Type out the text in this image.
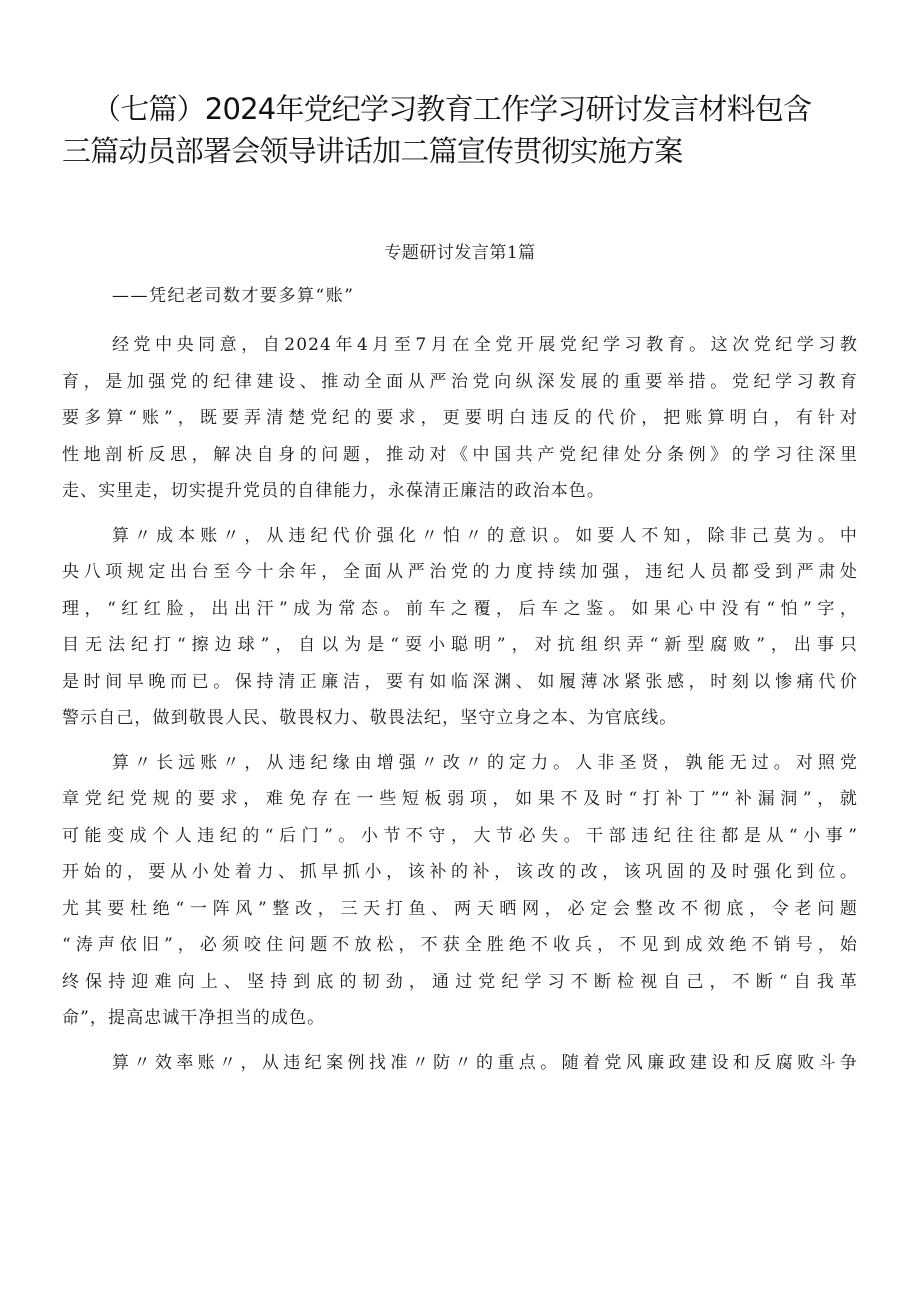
（七篇）2024年党纪学习教育工作学习研讨发言材料包含
三篇动员部署会领导讲话加二篇宣传贯彻实施方案
专题研讨发言第1篇
——凭纪老司数才要多算“账”

经党中央同意，自2024年4月至7月在全党开展党纪学习教育。这次党纪学习教
育，是加强党的纪律建设、推动全面从严治党向纵深发展的重要举措。党纪学习教育
要多算“账”，既要弄清楚党纪的要求，更要明白违反的代价，把账算明白，有针对
性地剖析反思，解决自身的问题，推动对《中国共产党纪律处分条例》的学习往深里
走、实里走，切实提升党员的自律能力，永葆清正廉洁的政治本色。

算〃成本账〃，从违纪代价强化〃怕〃的意识。如要人不知，除非己莫为。中
央八项规定出台至今十余年，全面从严治党的力度持续加强，违纪人员都受到严肃处
理，“红红脸，出出汗”成为常态。前车之覆，后车之鉴。如果心中没有“怕”字，
目无法纪打“擦边球”，自以为是“耍小聪明”，对抗组织弄“新型腐败”，出事只
是时间早晚而已。保持清正廉洁，要有如临深渊、如履薄冰紧张感，时刻以惨痛代价
警示自己，做到敬畏人民、敬畏权力、敬畏法纪，坚守立身之本、为官底线。

算〃长远账〃，从违纪缘由增强〃改〃的定力。人非圣贤，孰能无过。对照党
章党纪党规的要求，难免存在一些短板弱项，如果不及时“打补丁”“补漏洞”，就
可能变成个人违纪的“后门”。小节不守，大节必失。干部违纪往往都是从“小事”
开始的，要从小处着力、抓早抓小，该补的补，该改的改，该巩固的及时强化到位。
尤其要杜绝“一阵风”整改，三天打鱼、两天晒网，必定会整改不彻底，令老问题
“涛声依旧”，必须咬住问题不放松，不获全胜绝不收兵，不见到成效绝不销号，始
终保持迎难向上、坚持到底的韧劲，通过党纪学习不断检视自己，不断“自我革
命”，提高忠诚干净担当的成色。

算〃效率账〃，从违纪案例找准〃防〃的重点。随着党风廉政建设和反腐败斗争
